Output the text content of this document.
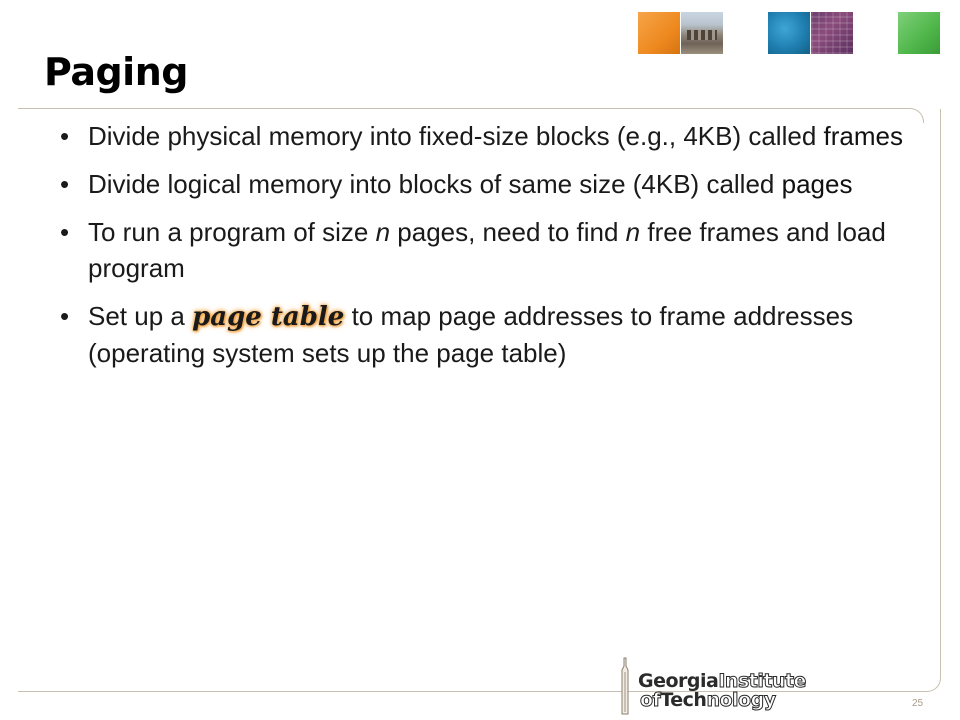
Paging
• Divide physical memory into fixed-size blocks (e.g., 4KB) called frames
• Divide logical memory into blocks of same size (4KB) called pages
• To run a program of size n pages, need to find n free frames and load program
• Set up a page table to map page addresses to frame addresses (operating system sets up the page table)
GeorgiaInstitute
ofTechnology	25
